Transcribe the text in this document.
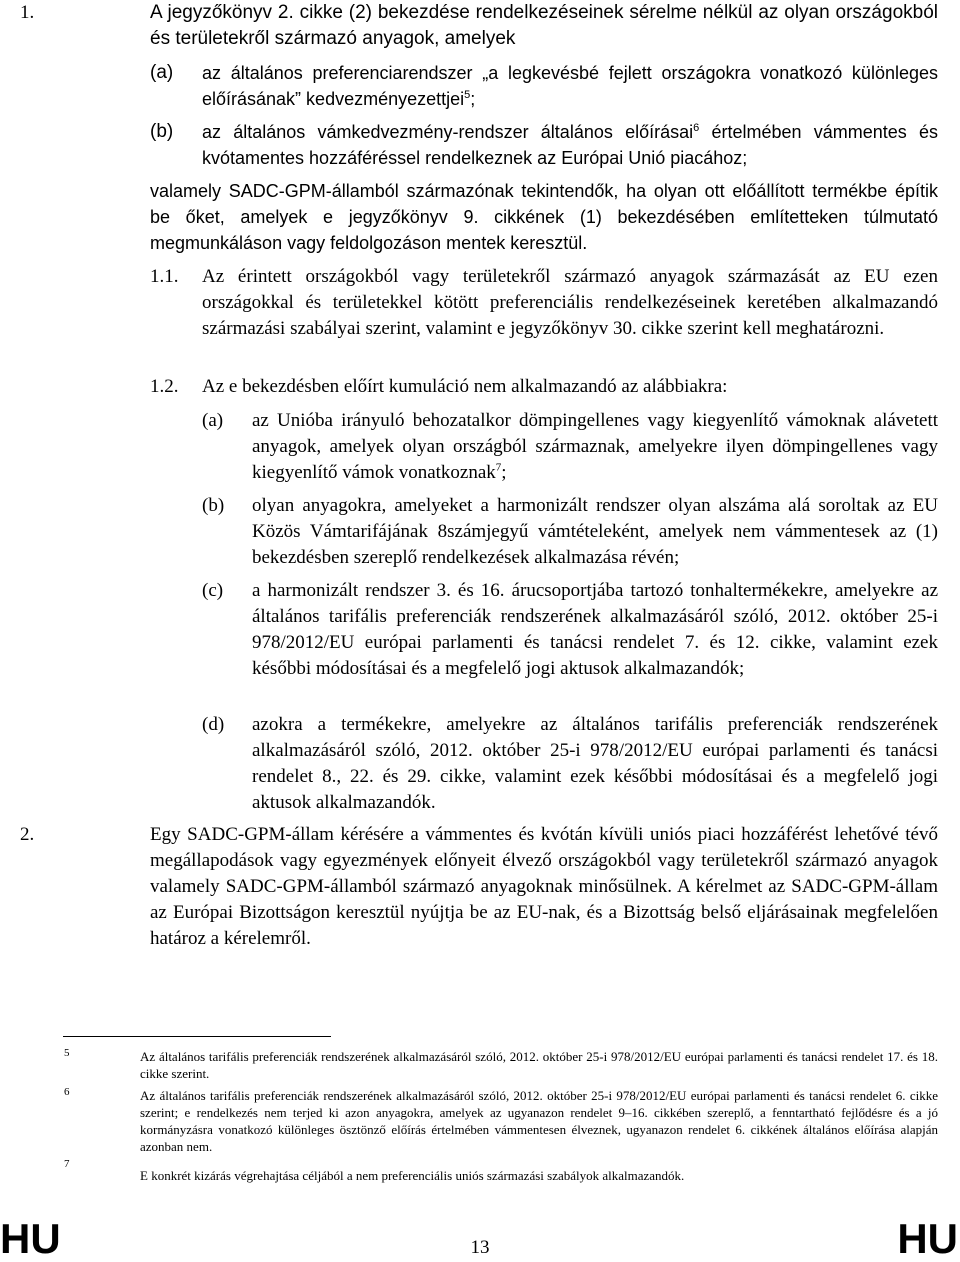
1.	A jegyzőkönyv 2. cikke (2) bekezdése rendelkezéseinek sérelme nélkül az olyan országokból és területekről származó anyagok, amelyek
(a) az általános preferenciarendszer „a legkevésbé fejlett országokra vonatkozó különleges előírásának” kedvezményezettjei$^5$;
(b) az általános vámkedvezmény-rendszer általános előírásai$^6$ értelmében vámmentes és kvótamentes hozzáféréssel rendelkeznek az Európai Unió piacához;
valamely SADC-GPM-államból származónak tekintendők, ha olyan ott előállított termékbe építik be őket, amelyek e jegyzőkönyv 9. cikkének (1) bekezdésében említetteken túlmutató megmunkáláson vagy feldolgozáson mentek keresztül.
1.1. Az érintett országokból vagy területekről származó anyagok származását az EU ezen országokkal és területekkel kötött preferenciális rendelkezéseinek keretében alkalmazandó származási szabályai szerint, valamint e jegyzőkönyv 30. cikke szerint kell meghatározni.
1.2. Az e bekezdésben előírt kumuláció nem alkalmazandó az alábbiakra:
(a) az Unióba irányuló behozatalkor dömpingellenes vagy kiegyenlítő vámoknak alávetett anyagok, amelyek olyan országból származnak, amelyekre ilyen dömpingellenes vagy kiegyenlítő vámok vonatkoznak$^7$;
(b) olyan anyagokra, amelyeket a harmonizált rendszer olyan alszáma alá soroltak az EU Közös Vámtarifájának 8számjegyű vámtételeként, amelyek nem vámmentesek az (1) bekezdésben szereplő rendelkezések alkalmazása révén;
(c) a harmonizált rendszer 3. és 16. árucsoportjába tartozó tonhaltermékekre, amelyekre az általános tarifális preferenciák rendszerének alkalmazásáról szóló, 2012. október 25-i 978/2012/EU európai parlamenti és tanácsi rendelet 7. és 12. cikke, valamint ezek későbbi módosításai és a megfelelő jogi aktusok alkalmazandók;
(d) azokra a termékekre, amelyekre az általános tarifális preferenciák rendszerének alkalmazásáról szóló, 2012. október 25-i 978/2012/EU európai parlamenti és tanácsi rendelet 8., 22. és 29. cikke, valamint ezek későbbi módosításai és a megfelelő jogi aktusok alkalmazandók.
2.	Egy SADC-GPM-állam kérésére a vámmentes és kvótán kívüli uniós piaci hozzáférést lehetővé tévő megállapodások vagy egyezmények előnyeit élvező országokból vagy területekről származó anyagok valamely SADC-GPM-államból származó anyagoknak minősülnek. A kérelmet az SADC-GPM-állam az Európai Bizottságon keresztül nyújtja be az EU-nak, és a Bizottság belső eljárásainak megfelelően határoz a kérelemről.
5	Az általános tarifális preferenciák rendszerének alkalmazásáról szóló, 2012. október 25-i 978/2012/EU európai parlamenti és tanácsi rendelet 17. és 18. cikke szerint.
6	Az általános tarifális preferenciák rendszerének alkalmazásáról szóló, 2012. október 25-i 978/2012/EU európai parlamenti és tanácsi rendelet 6. cikke szerint; e rendelkezés nem terjed ki azon anyagokra, amelyek az ugyanazon rendelet 9–16. cikkében szereplő, a fenntartható fejlődésre és a jó kormányzásra vonatkozó különleges ösztönző előírás értelmében vámmentesen élveznek, ugyanazon rendelet 6. cikkének általános előírása alapján azonban nem.
7
E konkrét kizárás végrehajtása céljából a nem preferenciális uniós származási szabályok alkalmazandók.
HU	13	HU
